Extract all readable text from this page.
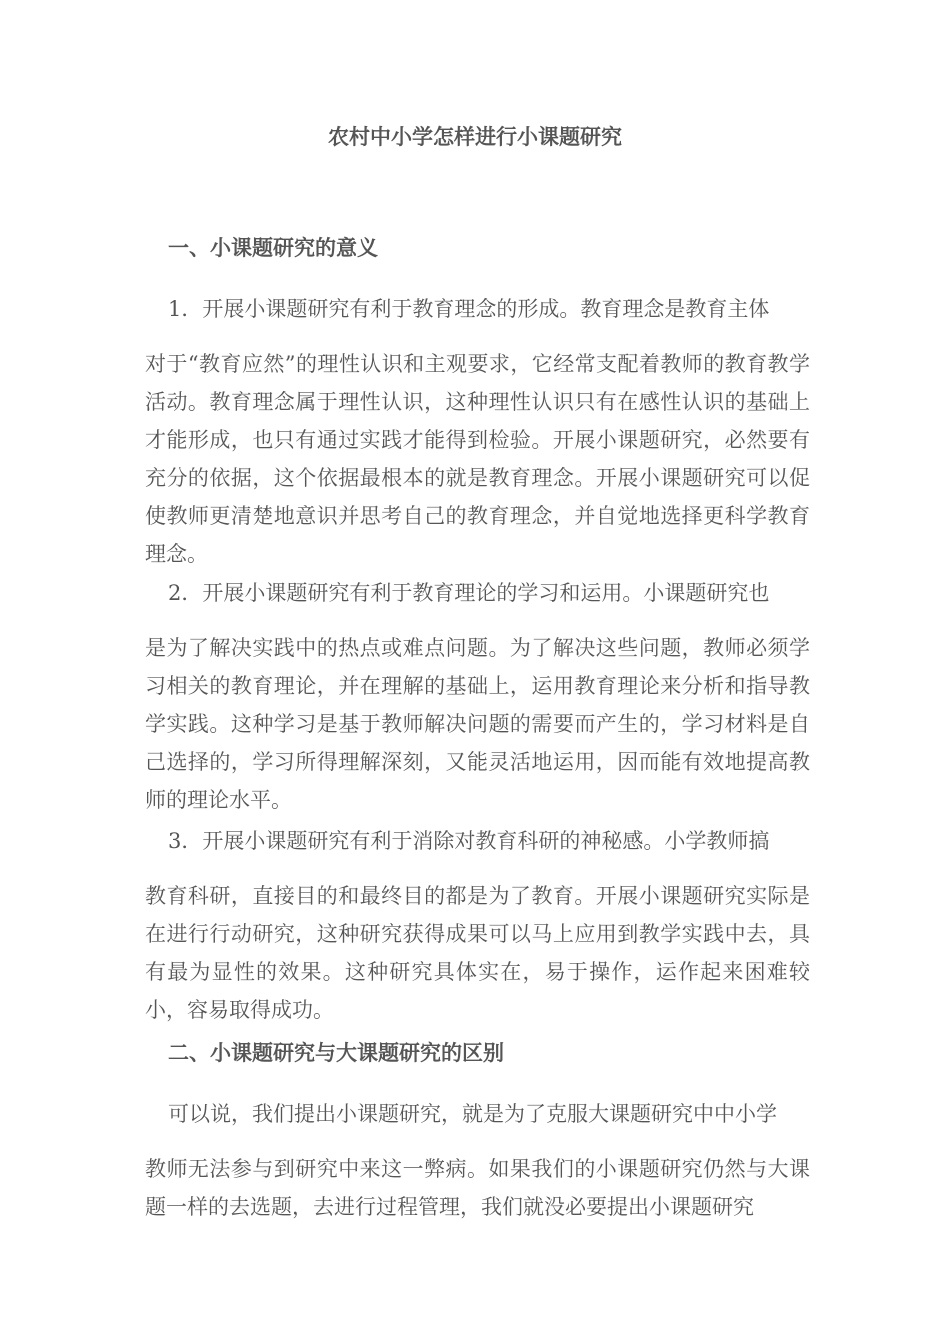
农村中小学怎样进行小课题研究
一、小课题研究的意义

1．开展小课题研究有利于教育理念的形成。教育理念是教育主体
对于“教育应然”的理性认识和主观要求，它经常支配着教师的教育教学活动。教育理念属于理性认识，这种理性认识只有在感性认识的基础上才能形成，也只有通过实践才能得到检验。开展小课题研究，必然要有充分的依据，这个依据最根本的就是教育理念。开展小课题研究可以促使教师更清楚地意识并思考自己的教育理念，并自觉地选择更科学教育理念。

2．开展小课题研究有利于教育理论的学习和运用。小课题研究也
是为了解决实践中的热点或难点问题。为了解决这些问题，教师必须学习相关的教育理论，并在理解的基础上，运用教育理论来分析和指导教学实践。这种学习是基于教师解决问题的需要而产生的，学习材料是自己选择的，学习所得理解深刻，又能灵活地运用，因而能有效地提高教师的理论水平。

3．开展小课题研究有利于消除对教育科研的神秘感。小学教师搞
教育科研，直接目的和最终目的都是为了教育。开展小课题研究实际是在进行行动研究，这种研究获得成果可以马上应用到教学实践中去，具有最为显性的效果。这种研究具体实在，易于操作，运作起来困难较小，容易取得成功。

二、小课题研究与大课题研究的区别

可以说，我们提出小课题研究，就是为了克服大课题研究中中小学
教师无法参与到研究中来这一弊病。如果我们的小课题研究仍然与大课题一样的去选题，去进行过程管理，我们就没必要提出小课题研究
